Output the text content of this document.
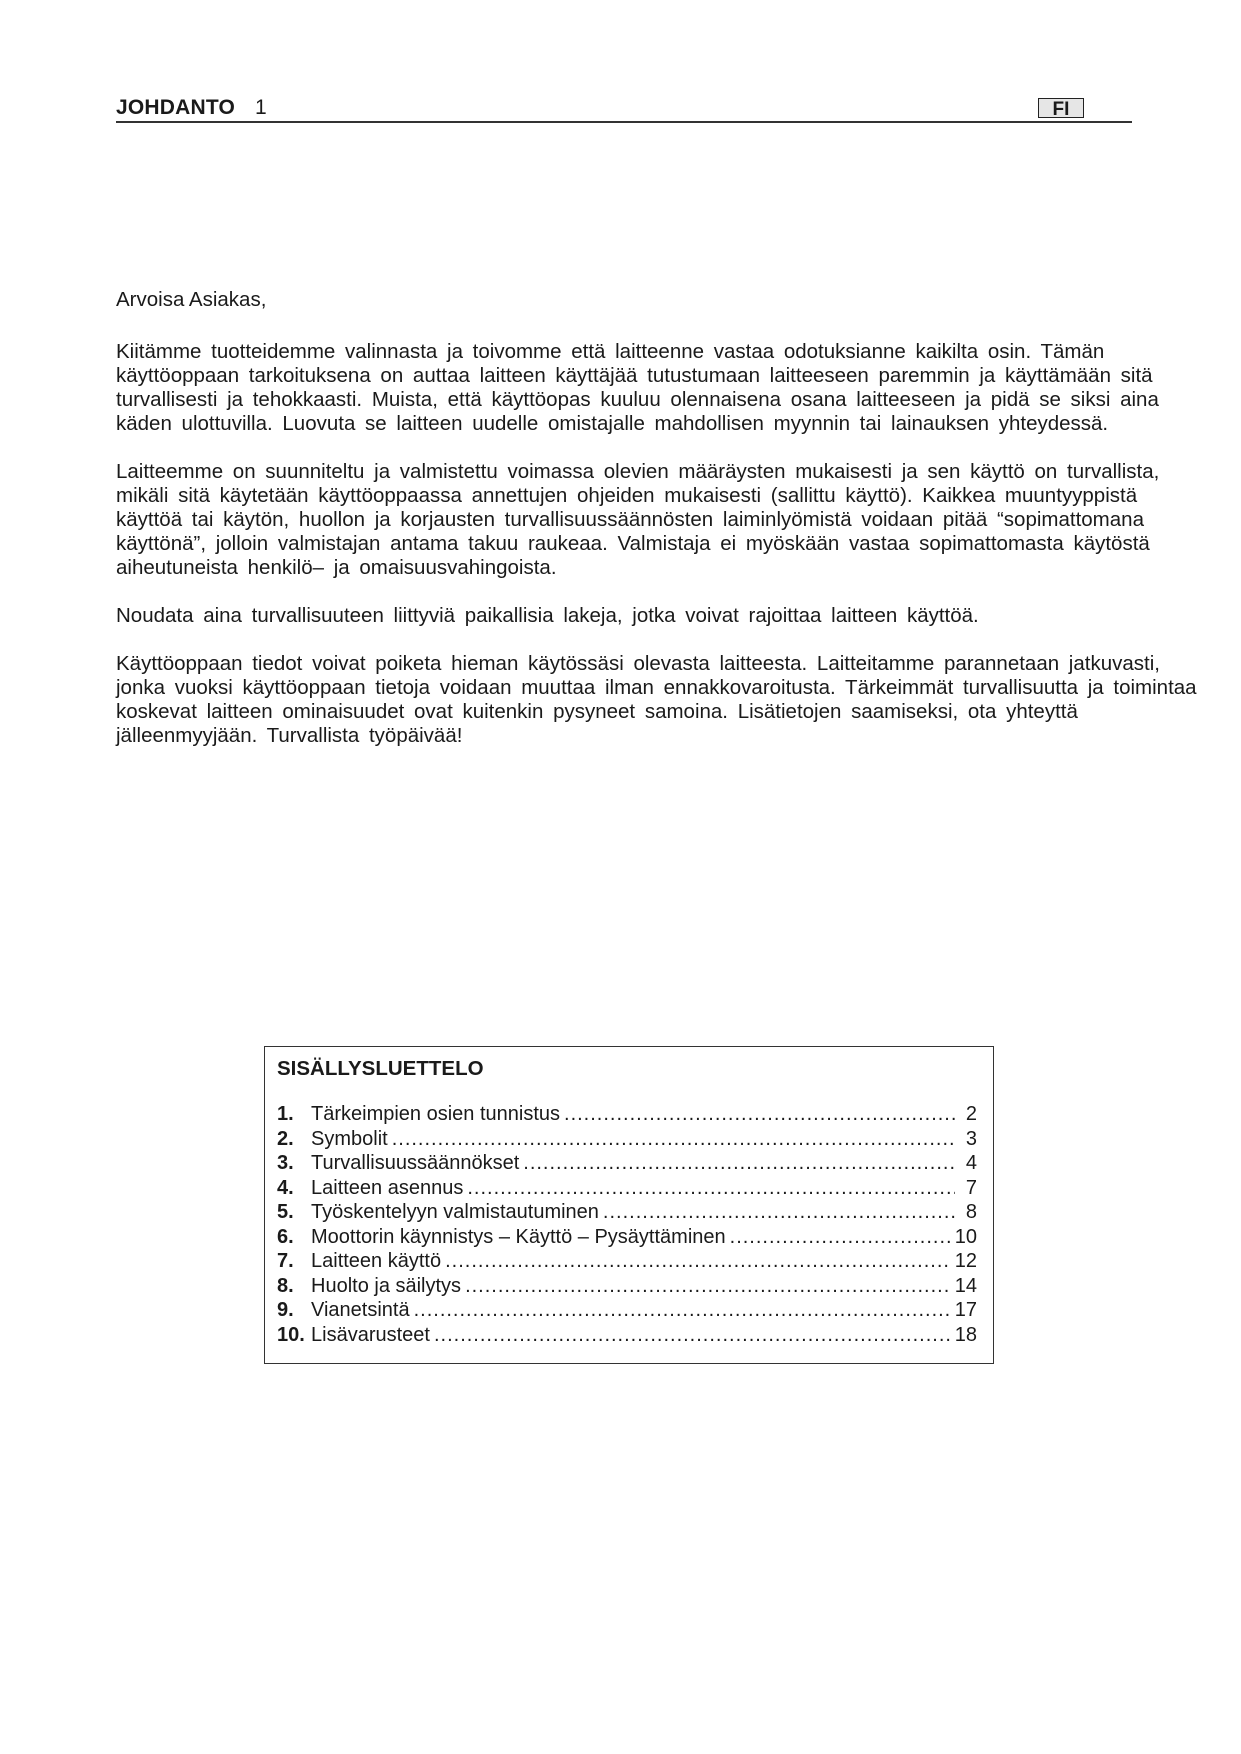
JOHDANTO 1	FI

Arvoisa Asiakas,

Kiitämme tuotteidemme valinnasta ja toivomme että laitteenne vastaa odotuksianne kaikilta osin. Tämän käyttöoppaan tarkoituksena on auttaa laitteen käyttäjää tutustumaan laitteeseen paremmin ja käyttämään sitä turvallisesti ja tehokkaasti. Muista, että käyttöopas kuuluu olennaisena osana laitteeseen ja pidä se siksi aina käden ulottuvilla. Luovuta se laitteen uudelle omistajalle mahdollisen myynnin tai lainauksen yhteydessä.

Laitteemme on suunniteltu ja valmistettu voimassa olevien määräysten mukaisesti ja sen käyttö on turvallista, mikäli sitä käytetään käyttöoppaassa annettujen ohjeiden mukaisesti (sallittu käyttö). Kaikkea muuntyyppistä käyttöä tai käytön, huollon ja korjausten turvallisuussäännösten laiminlyömistä voidaan pitää “sopimattomana käyttönä”, jolloin valmistajan antama takuu raukeaa. Valmistaja ei myöskään vastaa sopimattomasta käytöstä aiheutuneista henkilö– ja omaisuusvahingoista.

Noudata aina turvallisuuteen liittyviä paikallisia lakeja, jotka voivat rajoittaa laitteen käyttöä.

Käyttöoppaan tiedot voivat poiketa hieman käytössäsi olevasta laitteesta. Laitteitamme parannetaan jatkuvasti, jonka vuoksi käyttöoppaan tietoja voidaan muuttaa ilman ennakkovaroitusta. Tärkeimmät turvallisuutta ja toimintaa koskevat laitteen ominaisuudet ovat kuitenkin pysyneet samoina. Lisätietojen saamiseksi, ota yhteyttä jälleenmyyjään. Turvallista työpäivää!

SISÄLLYSLUETTELO
1. Tärkeimpien osien tunnistus .....	2
2. Symbolit .....	3
3. Turvallisuussäännökset .....	4
4. Laitteen asennus .....	7
5. Työskentelyyn valmistautuminen .....	8
6. Moottorin käynnistys – Käyttö – Pysäyttäminen .....	10
7. Laitteen käyttö .....	12
8. Huolto ja säilytys .....	14
9. Vianetsintä .....	17
10. Lisävarusteet .....	18
